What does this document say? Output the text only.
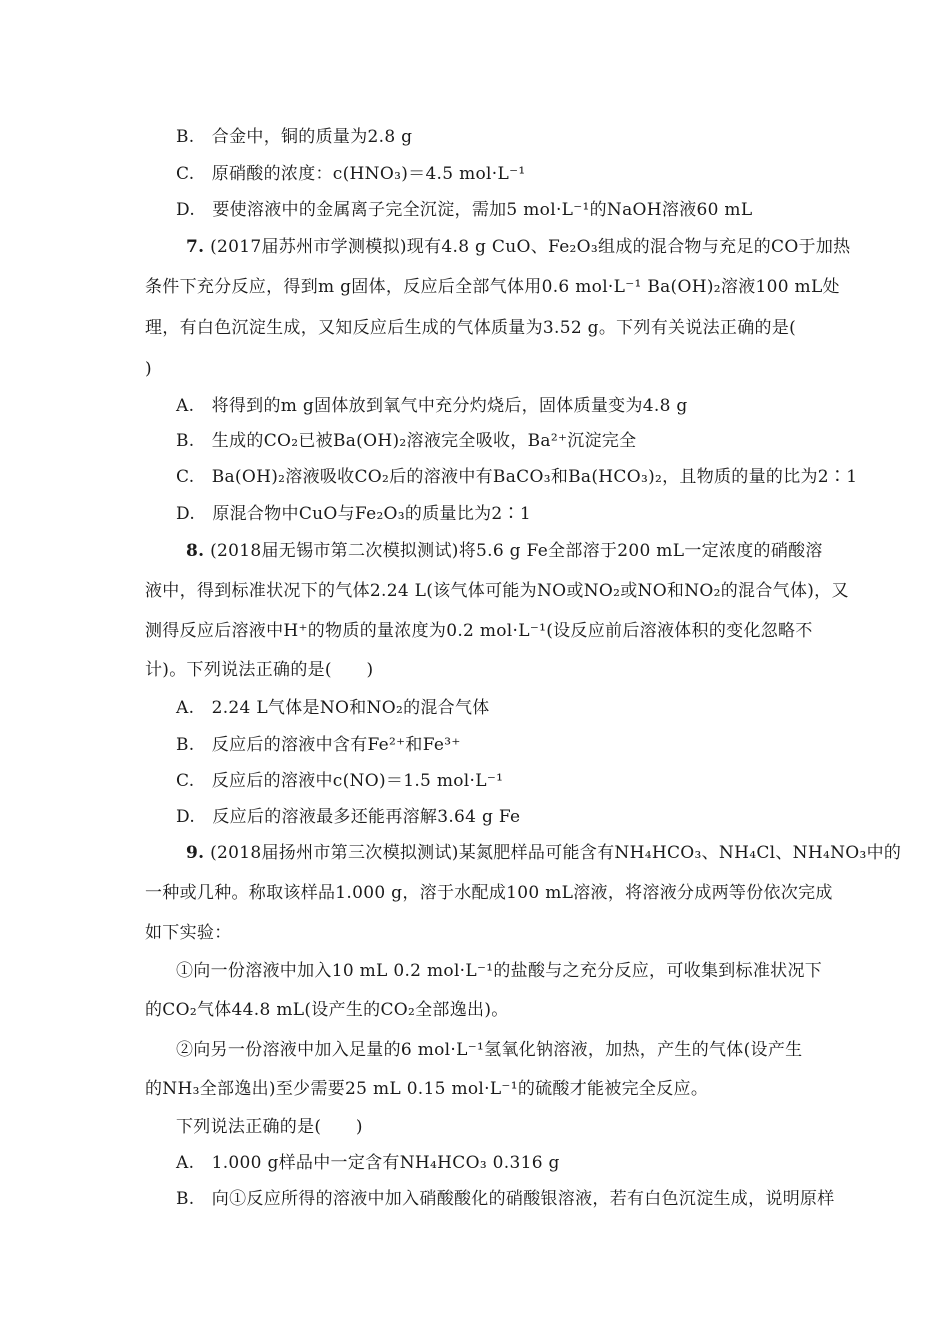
B.　合金中，铜的质量为2.8 g
C.　原硝酸的浓度：c(HNO₃)＝4.5 mol·L⁻¹
D.　要使溶液中的金属离子完全沉淀，需加5 mol·L⁻¹的NaOH溶液60 mL
7. (2017届苏州市学测模拟)现有4.8 g CuO、Fe₂O₃组成的混合物与充足的CO于加热
条件下充分反应，得到m g固体，反应后全部气体用0.6 mol·L⁻¹ Ba(OH)₂溶液100 mL处
理，有白色沉淀生成，又知反应后生成的气体质量为3.52 g。下列有关说法正确的是(
)
A.　将得到的m g固体放到氧气中充分灼烧后，固体质量变为4.8 g
B.　生成的CO₂已被Ba(OH)₂溶液完全吸收，Ba²⁺沉淀完全
C.　Ba(OH)₂溶液吸收CO₂后的溶液中有BaCO₃和Ba(HCO₃)₂，且物质的量的比为2∶1
D.　原混合物中CuO与Fe₂O₃的质量比为2∶1
8. (2018届无锡市第二次模拟测试)将5.6 g Fe全部溶于200 mL一定浓度的硝酸溶
液中，得到标准状况下的气体2.24 L(该气体可能为NO或NO₂或NO和NO₂的混合气体)，又
测得反应后溶液中H⁺的物质的量浓度为0.2 mol·L⁻¹(设反应前后溶液体积的变化忽略不
计)。下列说法正确的是(　　)
A.　2.24 L气体是NO和NO₂的混合气体
B.　反应后的溶液中含有Fe²⁺和Fe³⁺
C.　反应后的溶液中c(NO)＝1.5 mol·L⁻¹
D.　反应后的溶液最多还能再溶解3.64 g Fe
9. (2018届扬州市第三次模拟测试)某氮肥样品可能含有NH₄HCO₃、NH₄Cl、NH₄NO₃中的
一种或几种。称取该样品1.000 g，溶于水配成100 mL溶液，将溶液分成两等份依次完成
如下实验：
①向一份溶液中加入10 mL 0.2 mol·L⁻¹的盐酸与之充分反应，可收集到标准状况下
的CO₂气体44.8 mL(设产生的CO₂全部逸出)。
②向另一份溶液中加入足量的6 mol·L⁻¹氢氧化钠溶液，加热，产生的气体(设产生
的NH₃全部逸出)至少需要25 mL 0.15 mol·L⁻¹的硫酸才能被完全反应。
下列说法正确的是(　　)
A.　1.000 g样品中一定含有NH₄HCO₃ 0.316 g
B.　向①反应所得的溶液中加入硝酸酸化的硝酸银溶液，若有白色沉淀生成，说明原样
